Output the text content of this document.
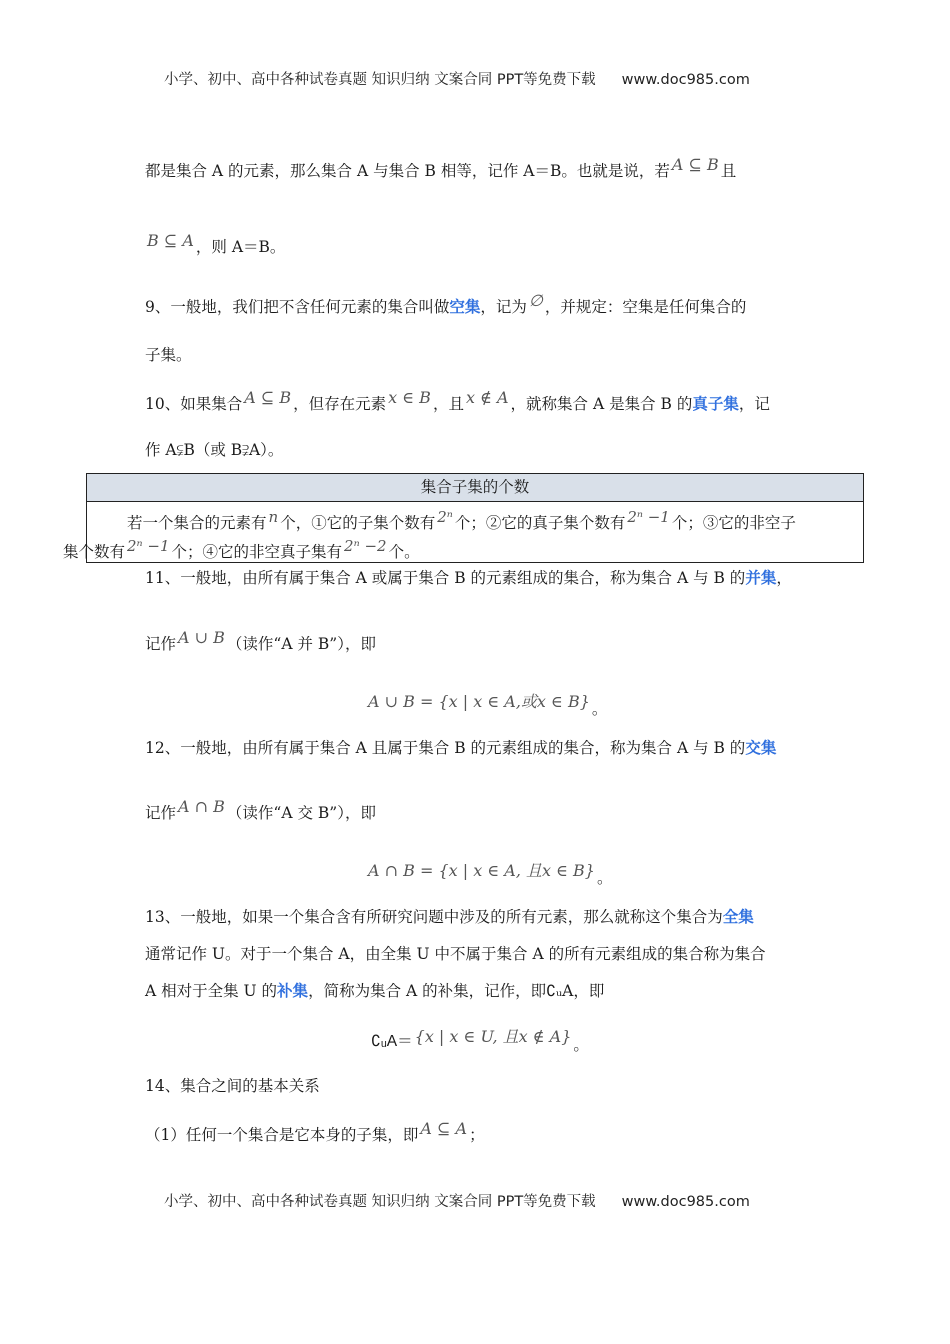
小学、初中、高中各种试卷真题 知识归纳 文案合同 PPT等免费下载 www.doc985.com
都是集合 A 的元素，那么集合 A 与集合 B 相等，记作 A＝B。也就是说，若 A ⊆ B 且
B ⊆ A ，则 A＝B。
9、一般地，我们把不含任何元素的集合叫做空集，记为 ∅ ，并规定：空集是任何集合的
子集。
10、如果集合 A ⊆ B ，但存在元素 x ∈ B ，且 x ∉ A ，就称集合 A 是集合 B 的真子集，记
作 A⫋B（或 B⫌A）。
集合子集的个数
若一个集合的元素有 n 个，①它的子集个数有 2ⁿ 个；②它的真子集个数有 2ⁿ −1 个；③它的非空子
集个数有 2ⁿ −1 个；④它的非空真子集有 2ⁿ −2 个。
11、一般地，由所有属于集合 A 或属于集合 B 的元素组成的集合，称为集合 A 与 B 的并集，
记作 A ∪ B （读作“A 并 B”），即
A ∪ B = {x | x ∈ A,或x ∈ B} 。
12、一般地，由所有属于集合 A 且属于集合 B 的元素组成的集合，称为集合 A 与 B 的交集
记作 A ∩ B （读作“A 交 B”），即
A ∩ B = {x | x ∈ A, 且x ∈ B} 。
13、一般地，如果一个集合含有所研究问题中涉及的所有元素，那么就称这个集合为全集
通常记作 U。对于一个集合 A，由全集 U 中不属于集合 A 的所有元素组成的集合称为集合
A 相对于全集 U 的补集，简称为集合 A 的补集，记作，即∁ᵤA，即
∁ᵤA＝ {x | x ∈ U, 且x ∉ A} 。
14、集合之间的基本关系
（1）任何一个集合是它本身的子集，即 A ⊆ A ；
小学、初中、高中各种试卷真题 知识归纳 文案合同 PPT等免费下载 www.doc985.com
